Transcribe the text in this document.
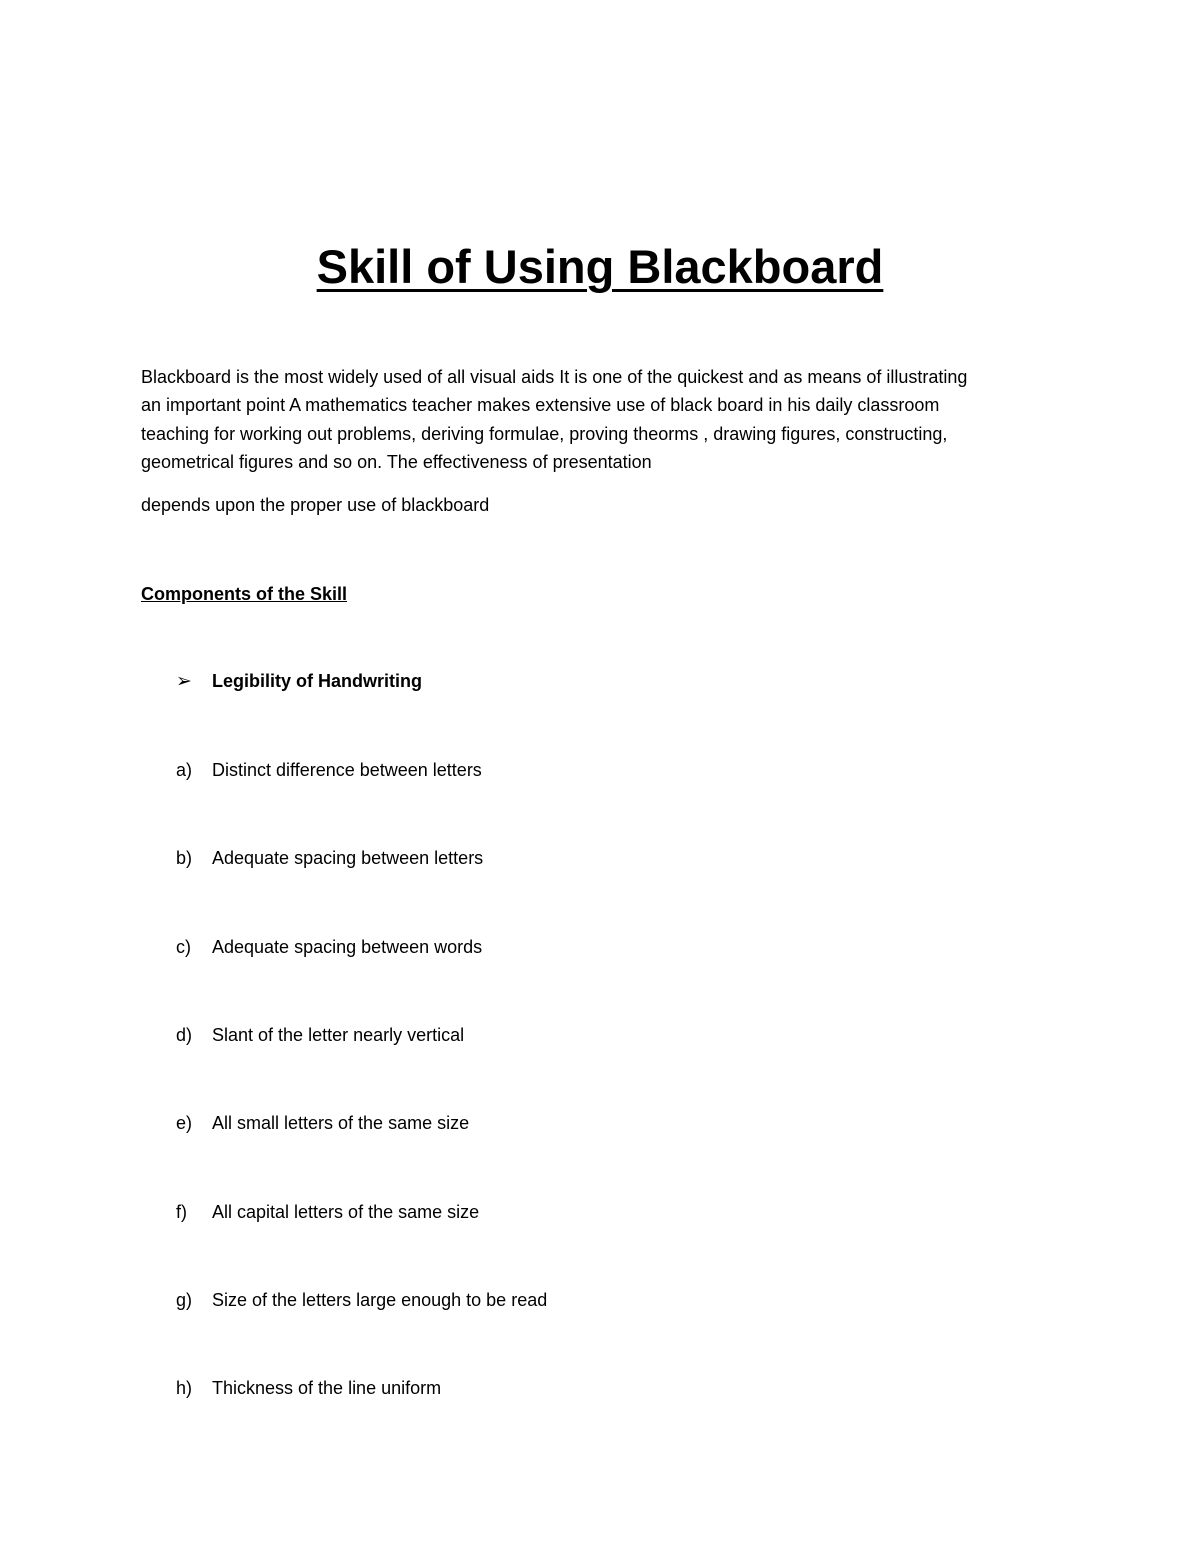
Skill of Using Blackboard

Blackboard is the most widely used of all visual aids It is one of the quickest and as means of illustrating
an important point A mathematics teacher makes extensive use of black board in his daily classroom
teaching for working out problems, deriving formulae, proving theorms , drawing figures, constructing,
geometrical figures and so on. The effectiveness of presentation

depends upon the proper use of blackboard

Components of the Skill

➢ Legibility of Handwriting
a) Distinct difference between letters
b) Adequate spacing between letters
c) Adequate spacing between words
d) Slant of the letter nearly vertical
e) All small letters of the same size
f) All capital letters of the same size
g) Size of the letters large enough to be read
h) Thickness of the line uniform
